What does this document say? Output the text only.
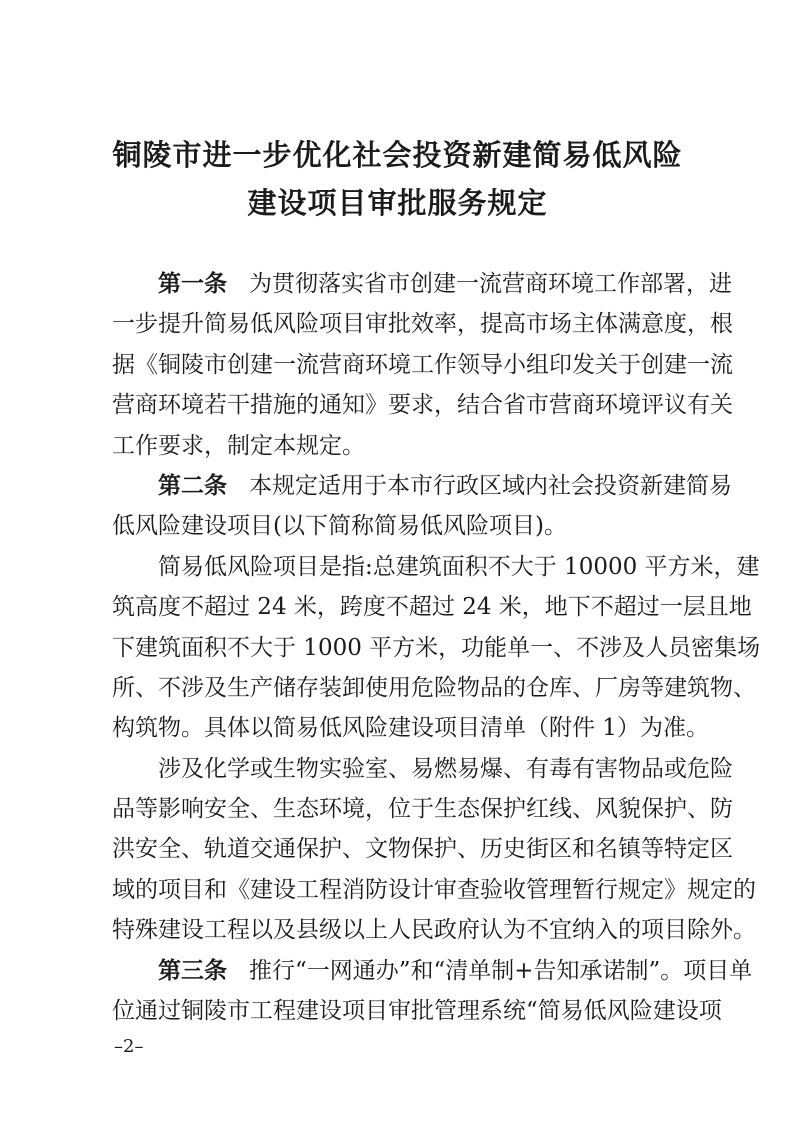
铜陵市进一步优化社会投资新建简易低风险
建设项目审批服务规定
第一条 为贯彻落实省市创建一流营商环境工作部署，进
一步提升简易低风险项目审批效率，提高市场主体满意度，根
据《铜陵市创建一流营商环境工作领导小组印发关于创建一流
营商环境若干措施的通知》要求，结合省市营商环境评议有关
工作要求，制定本规定。
第二条 本规定适用于本市行政区域内社会投资新建简易
低风险建设项目(以下简称简易低风险项目)。
简易低风险项目是指:总建筑面积不大于 10000 平方米，建
筑高度不超过 24 米，跨度不超过 24 米，地下不超过一层且地
下建筑面积不大于 1000 平方米，功能单一、不涉及人员密集场
所、不涉及生产储存装卸使用危险物品的仓库、厂房等建筑物、
构筑物。具体以简易低风险建设项目清单（附件 1）为准。
涉及化学或生物实验室、易燃易爆、有毒有害物品或危险
品等影响安全、生态环境，位于生态保护红线、风貌保护、防
洪安全、轨道交通保护、文物保护、历史街区和名镇等特定区
域的项目和《建设工程消防设计审查验收管理暂行规定》规定的
特殊建设工程以及县级以上人民政府认为不宜纳入的项目除外。
第三条 推行“一网通办”和“清单制+告知承诺制”。项目单
位通过铜陵市工程建设项目审批管理系统“简易低风险建设项
–2–
